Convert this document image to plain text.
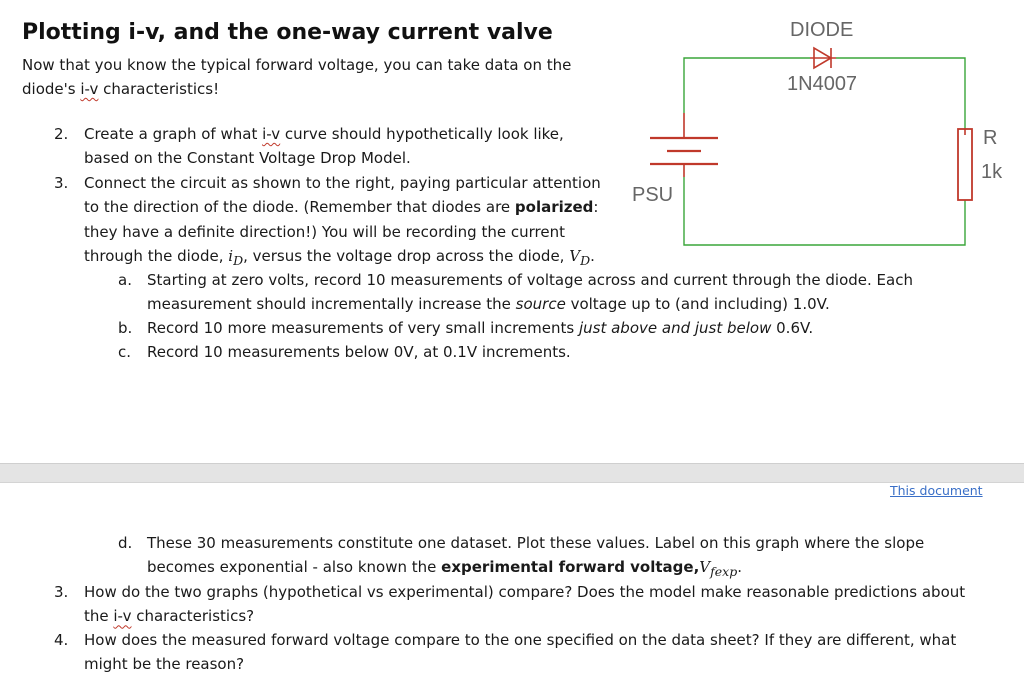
Plotting i-v, and the one-way current valve
Now that you know the typical forward voltage, you can take data on the diode's i-v characteristics!
2. Create a graph of what i-v curve should hypothetically look like, based on the Constant Voltage Drop Model.
3. Connect the circuit as shown to the right, paying particular attention to the direction of the diode. (Remember that diodes are polarized: they have a definite direction!) You will be recording the current through the diode, $i_D$, versus the voltage drop across the diode, $V_D$.
a. Starting at zero volts, record 10 measurements of voltage across and current through the diode. Each measurement should incrementally increase the source voltage up to (and including) 1.0V.
b. Record 10 more measurements of very small increments just above and just below 0.6V.
c. Record 10 measurements below 0V, at 0.1V increments.
DIODE
1N4007
R
1k
PSU
This document
d. These 30 measurements constitute one dataset. Plot these values. Label on this graph where the slope becomes exponential - also known the experimental forward $voltage,V_{fexp}$.
3. How do the two graphs (hypothetical vs experimental) compare? Does the model make reasonable predictions about the i-v characteristics?
4. How does the measured forward voltage compare to the one specified on the data sheet? If they are different, what might be the reason?
